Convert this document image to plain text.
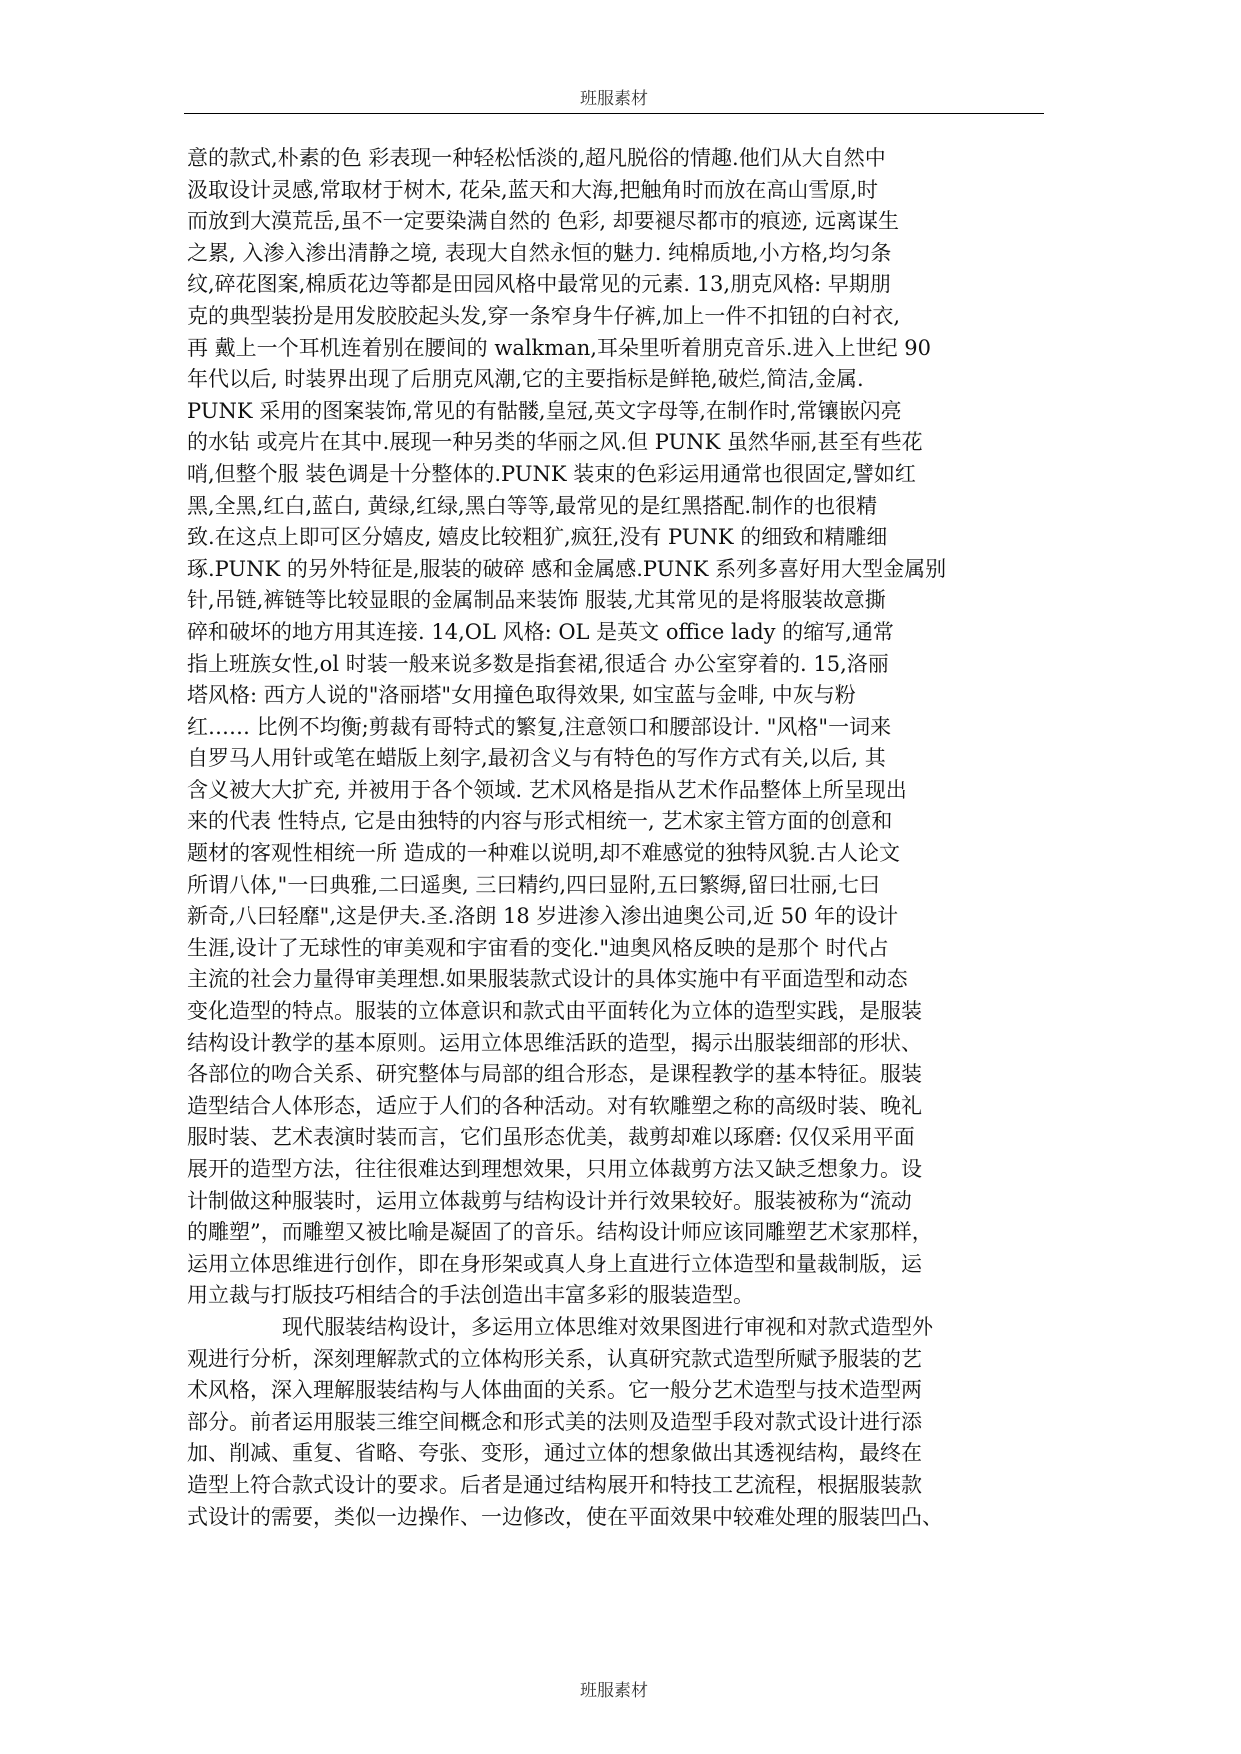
班服素材
意的款式,朴素的色 彩表现一种轻松恬淡的,超凡脱俗的情趣.他们从大自然中
汲取设计灵感,常取材于树木, 花朵,蓝天和大海,把触角时而放在高山雪原,时
而放到大漠荒岳,虽不一定要染满自然的 色彩, 却要褪尽都市的痕迹, 远离谋生
之累, 入渗入渗出清静之境, 表现大自然永恒的魅力. 纯棉质地,小方格,均匀条
纹,碎花图案,棉质花边等都是田园风格中最常见的元素. 13,朋克风格: 早期朋
克的典型装扮是用发胶胶起头发,穿一条窄身牛仔裤,加上一件不扣钮的白衬衣,
再 戴上一个耳机连着别在腰间的 walkman,耳朵里听着朋克音乐.进入上世纪 90
年代以后, 时装界出现了后朋克风潮,它的主要指标是鲜艳,破烂,简洁,金属.
PUNK 采用的图案装饰,常见的有骷髅,皇冠,英文字母等,在制作时,常镶嵌闪亮
的水钻 或亮片在其中.展现一种另类的华丽之风.但 PUNK 虽然华丽,甚至有些花
哨,但整个服 装色调是十分整体的.PUNK 装束的色彩运用通常也很固定,譬如红
黑,全黑,红白,蓝白, 黄绿,红绿,黑白等等,最常见的是红黑搭配.制作的也很精
致.在这点上即可区分嬉皮, 嬉皮比较粗犷,疯狂,没有 PUNK 的细致和精雕细
琢.PUNK 的另外特征是,服装的破碎 感和金属感.PUNK 系列多喜好用大型金属别
针,吊链,裤链等比较显眼的金属制品来装饰 服装,尤其常见的是将服装故意撕
碎和破坏的地方用其连接. 14,OL 风格: OL 是英文 office lady 的缩写,通常
指上班族女性,ol 时装一般来说多数是指套裙,很适合 办公室穿着的. 15,洛丽
塔风格: 西方人说的"洛丽塔"女用撞色取得效果, 如宝蓝与金啡, 中灰与粉
红…… 比例不均衡;剪裁有哥特式的繁复,注意领口和腰部设计. "风格"一词来
自罗马人用针或笔在蜡版上刻字,最初含义与有特色的写作方式有关,以后, 其
含义被大大扩充, 并被用于各个领域. 艺术风格是指从艺术作品整体上所呈现出
来的代表 性特点, 它是由独特的内容与形式相统一, 艺术家主管方面的创意和
题材的客观性相统一所 造成的一种难以说明,却不难感觉的独特风貌.古人论文
所谓八体,"一曰典雅,二曰遥奥, 三曰精约,四曰显附,五曰繁缛,留曰壮丽,七曰
新奇,八曰轻靡",这是伊夫.圣.洛朗 18 岁进渗入渗出迪奥公司,近 50 年的设计
生涯,设计了无球性的审美观和宇宙看的变化."迪奥风格反映的是那个 时代占
主流的社会力量得审美理想.如果服装款式设计的具体实施中有平面造型和动态
变化造型的特点。服装的立体意识和款式由平面转化为立体的造型实践，是服装
结构设计教学的基本原则。运用立体思维活跃的造型，揭示出服装细部的形状、
各部位的吻合关系、研究整体与局部的组合形态，是课程教学的基本特征。服装
造型结合人体形态，适应于人们的各种活动。对有软雕塑之称的高级时装、晚礼
服时装、艺术表演时装而言，它们虽形态优美，裁剪却难以琢磨: 仅仅采用平面
展开的造型方法，往往很难达到理想效果，只用立体裁剪方法又缺乏想象力。设
计制做这种服装时，运用立体裁剪与结构设计并行效果较好。服装被称为“流动
的雕塑”，而雕塑又被比喻是凝固了的音乐。结构设计师应该同雕塑艺术家那样，
运用立体思维进行创作，即在身形架或真人身上直进行立体造型和量裁制版，运
用立裁与打版技巧相结合的手法创造出丰富多彩的服装造型。
现代服装结构设计，多运用立体思维对效果图进行审视和对款式造型外
观进行分析，深刻理解款式的立体构形关系，认真研究款式造型所赋予服装的艺
术风格，深入理解服装结构与人体曲面的关系。它一般分艺术造型与技术造型两
部分。前者运用服装三维空间概念和形式美的法则及造型手段对款式设计进行添
加、削减、重复、省略、夸张、变形，通过立体的想象做出其透视结构，最终在
造型上符合款式设计的要求。后者是通过结构展开和特技工艺流程，根据服装款
式设计的需要，类似一边操作、一边修改，使在平面效果中较难处理的服装凹凸、
班服素材
